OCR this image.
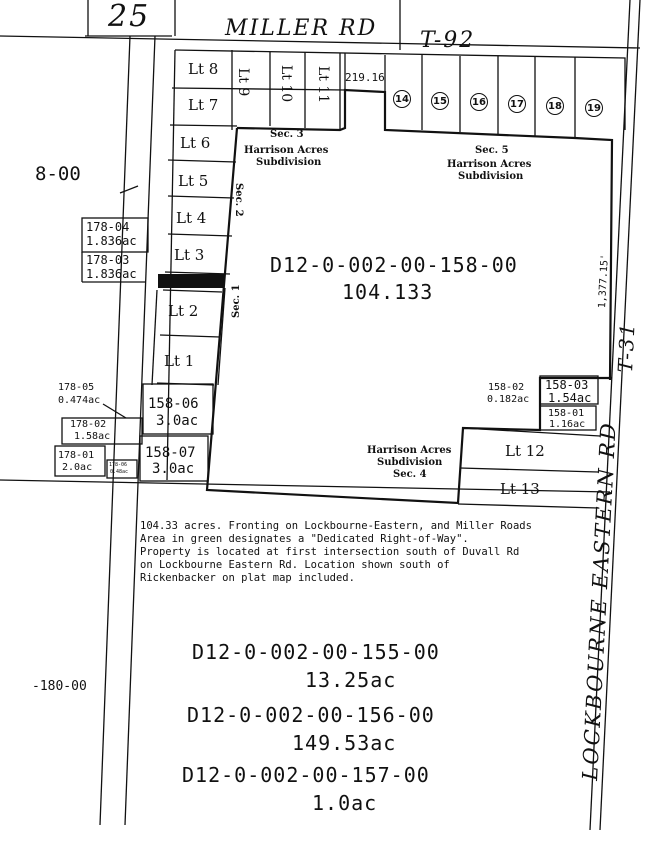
25	MILLER RD T-92
LOCKBOURNE EASTERN RD
T-31
8-00
-180-00
Lt 8
Lt 7
Lt 9 Lt 10 Lt 11 219.16
14 15	16 17 18	19
Lt 6
Lt 5
Lt 4
Lt 3
Lt 2
Lt 1
Lt 12
Lt 13
Sec. 3
Harrison Acres
Subdivision
Sec. 5
Harrison Acres
Subdivision
Harrison Acres
Subdivision
Sec. 4
Sec. 2
Sec. 1
D12-0-002-00-158-00
104.133	1,377.15'
178-04
1.836ac
178-03
1.836ac
178-05
0.474ac
178-02
1.58ac
178-01
2.0ac	178-06
0.48ac
158-06
3.0ac
158-07
3.0ac
158-02
0.182ac
158-03
1.54ac
158-01
1.16ac
104.33 acres. Fronting on Lockbourne-Eastern, and Miller Roads
Area in green designates a "Dedicated Right-of-Way".
Property is located at first intersection south of Duvall Rd
on Lockbourne Eastern Rd. Location shown south of
Rickenbacker on plat map included.
D12-0-002-00-155-00
13.25ac
D12-0-002-00-156-00
149.53ac
D12-0-002-00-157-00
1.0ac
